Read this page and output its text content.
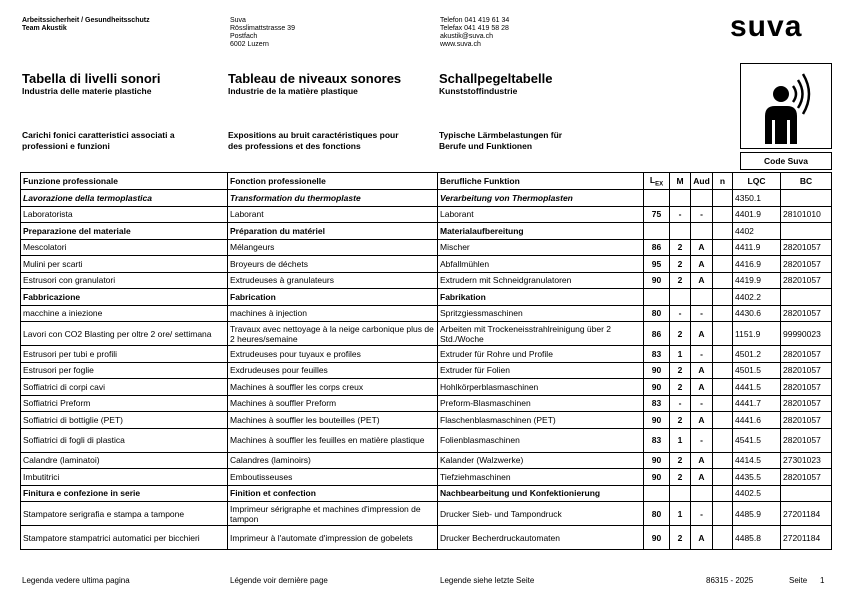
Arbeitssicherheit / Gesundheitsschutz
Team Akustik
Suva
Rösslimattstrasse 39
Postfach
6002 Luzern
Telefon 041 419 61 34
Telefax 041 419 58 28
akustik@suva.ch
www.suva.ch
suva
Tabella di livelli sonori
Industria delle materie plastiche
Tableau de niveaux sonores
Industrie de la matière plastique
Schallpegeltabelle
Kunststoffindustrie
Carichi fonici caratteristici associati a
professioni e funzioni
Expositions au bruit caractéristiques pour
des professions et des fonctions
Typische Lärmbelastungen für
Berufe und Funktionen
Code Suva
Funzione professionale	Fonction professionelle	Berufliche Funktion	$L_{EX}$	M	Aud	n	LQC	BC
Lavorazione della termoplastica	Transformation du thermoplaste	Verarbeitung von Thermoplasten					4350.1	
Laboratorista	Laborant	Laborant	75	-	-		4401.9	28101010
Preparazione del materiale	Préparation du matériel	Materialaufbereitung					4402	
Mescolatori	Mélangeurs	Mischer	86	2	A		4411.9	28201057
Mulini per scarti	Broyeurs de déchets	Abfallmühlen	95	2	A		4416.9	28201057
Estrusori con granulatori	Extrudeuses à granulateurs	Extrudern mit Schneidgranulatoren	90	2	A		4419.9	28201057
Fabbricazione	Fabrication	Fabrikation					4402.2	
macchine a iniezione	machines à injection	Spritzgiessmaschinen	80	-	-		4430.6	28201057
Lavori con CO2 Blasting per oltre 2 ore/ settimana	Travaux avec nettoyage à la neige carbonique plus de 2 heures/semaine	Arbeiten mit Trockeneisstrahlreinigung über 2 Std./Woche	86	2	A		1151.9	99990023
Estrusori per tubi e profili	Extrudeuses pour tuyaux e profiles	Extruder für Rohre und Profile	83	1	-		4501.2	28201057
Estrusori per foglie	Exdrudeuses pour feuilles	Extruder für Folien	90	2	A		4501.5	28201057
Soffiatrici di corpi cavi	Machines à souffler les corps creux	Hohlkörperblasmaschinen	90	2	A		4441.5	28201057
Soffiatrici Preform	Machines à souffler Preform	Preform-Blasmaschinen	83	-	-		4441.7	28201057
Soffiatrici di bottiglie (PET)	Machines à souffler les bouteilles (PET)	Flaschenblasmaschinen (PET)	90	2	A		4441.6	28201057
Soffiatrici di fogli di plastica	Machines à souffler les feuilles en matière plastique	Folienblasmaschinen	83	1	-		4541.5	28201057
Calandre (laminatoi)	Calandres (laminoirs)	Kalander (Walzwerke)	90	2	A		4414.5	27301023
Imbutitrici	Emboutisseuses	Tiefziehmaschinen	90	2	A		4435.5	28201057
Finitura e confezione in serie	Finition et confection	Nachbearbeitung und Konfektionierung					4402.5	
Stampatore serigrafia e stampa a tampone	Imprimeur sérigraphe et machines d'impression de tampon	Drucker Sieb- und Tampondruck	80	1	-		4485.9	27201184
Stampatore stampatrici automatici per bicchieri	Imprimeur à l'automate d'impression de gobelets	Drucker Becherdruckautomaten	90	2	A		4485.8	27201184
Legenda vedere ultima pagina	Légende voir dernière page	Legende siehe letzte Seite	86315 - 2025	Seite 1
